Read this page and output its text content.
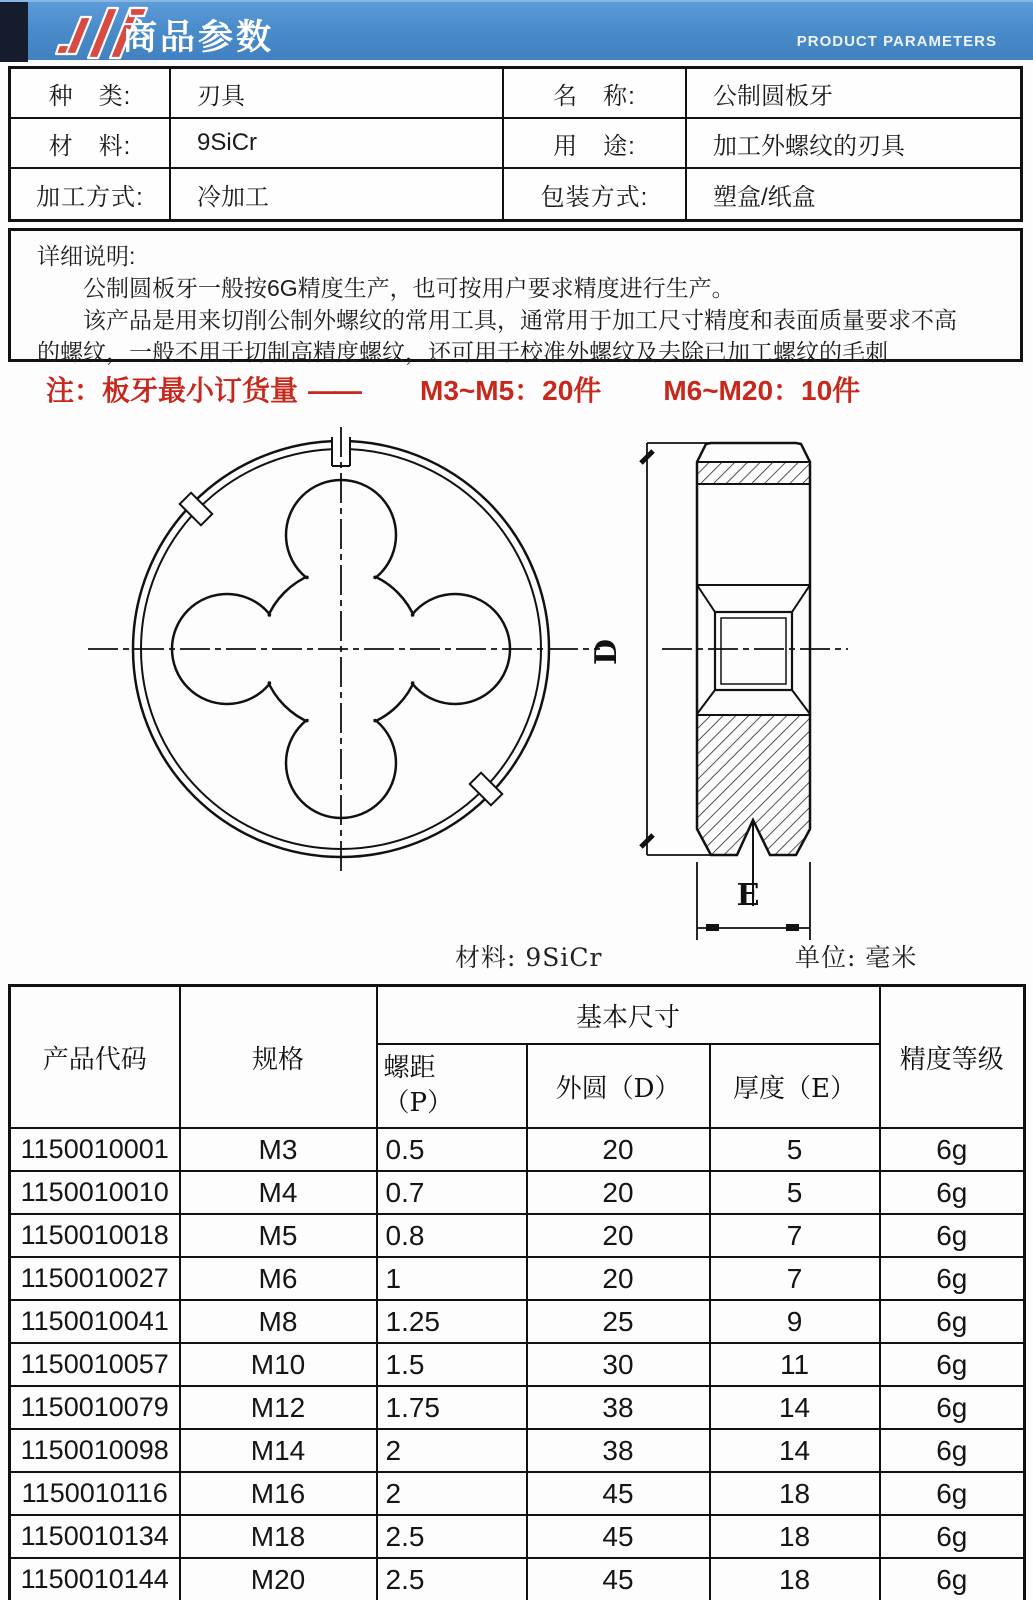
商品参数	PRODUCT PARAMETERS
种　类:	刃具	名　称:	公制圆板牙
材　料:	9SiCr	用　途:	加工外螺纹的刃具
加工方式:	冷加工	包装方式:	塑盒/纸盒
详细说明:
公制圆板牙一般按6G精度生产，也可按用户要求精度进行生产。
该产品是用来切削公制外螺纹的常用工具，通常用于加工尺寸精度和表面质量要求不高
的螺纹，一般不用于切制高精度螺纹，还可用于校准外螺纹及去除已加工螺纹的毛刺
注：板牙最小订货量 —— M3~M5：20件 M6~M20：10件
D
E
材料: 9SiCr	单位: 毫米
产品代码	规格	基本尺寸			精度等级
		螺距
（P）	外圆（D）	厚度（E）	
1150010001	M3	0.5	20	5	6g
1150010010	M4	0.7	20	5	6g
1150010018	M5	0.8	20	7	6g
1150010027	M6	1	20	7	6g
1150010041	M8	1.25	25	9	6g
1150010057	M10	1.5	30	11	6g
1150010079	M12	1.75	38	14	6g
1150010098	M14	2	38	14	6g
1150010116	M16	2	45	18	6g
1150010134	M18	2.5	45	18	6g
1150010144	M20	2.5	45	18	6g
